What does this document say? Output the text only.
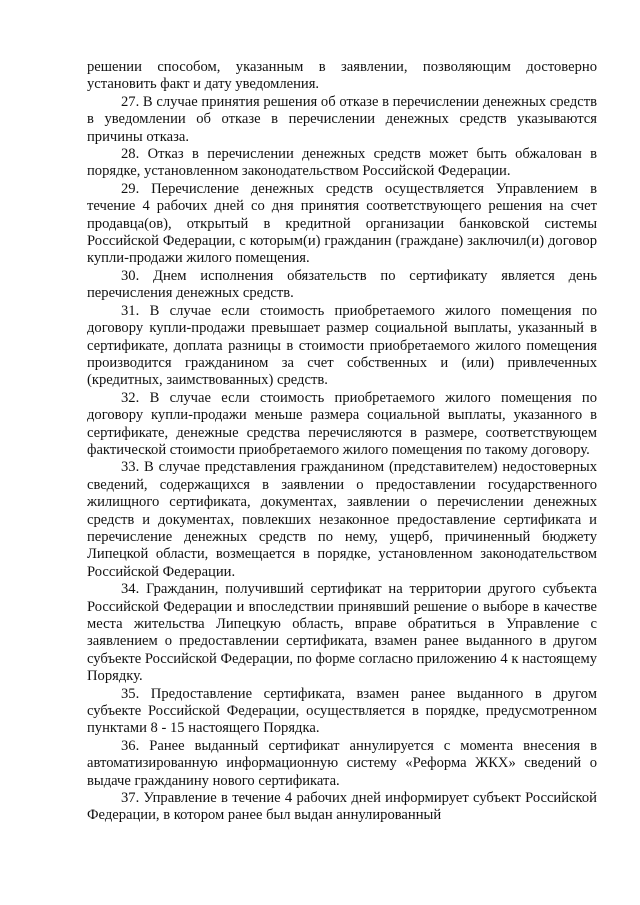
решении способом, указанным в заявлении, позволяющим достоверно установить факт и дату уведомления.

27. В случае принятия решения об отказе в перечислении денежных средств в уведомлении об отказе в перечислении денежных средств указываются причины отказа.

28. Отказ в перечислении денежных средств может быть обжалован в порядке, установленном законодательством Российской Федерации.

29. Перечисление денежных средств осуществляется Управлением в течение 4 рабочих дней со дня принятия соответствующего решения на счет продавца(ов), открытый в кредитной организации банковской системы Российской Федерации, с которым(и) гражданин (граждане) заключил(и) договор купли-продажи жилого помещения.

30. Днем исполнения обязательств по сертификату является день перечисления денежных средств.

31. В случае если стоимость приобретаемого жилого помещения по договору купли-продажи превышает размер социальной выплаты, указанный в сертификате, доплата разницы в стоимости приобретаемого жилого помещения производится гражданином за счет собственных и (или) привлеченных (кредитных, заимствованных) средств.

32. В случае если стоимость приобретаемого жилого помещения по договору купли-продажи меньше размера социальной выплаты, указанного в сертификате, денежные средства перечисляются в размере, соответствующем фактической стоимости приобретаемого жилого помещения по такому договору.

33. В случае представления гражданином (представителем) недостоверных сведений, содержащихся в заявлении о предоставлении государственного жилищного сертификата, документах, заявлении о перечислении денежных средств и документах, повлекших незаконное предоставление сертификата и перечисление денежных средств по нему, ущерб, причиненный бюджету Липецкой области, возмещается в порядке, установленном законодательством Российской Федерации.

34. Гражданин, получивший сертификат на территории другого субъекта Российской Федерации и впоследствии принявший решение о выборе в качестве места жительства Липецкую область, вправе обратиться в Управление с заявлением о предоставлении сертификата, взамен ранее выданного в другом субъекте Российской Федерации, по форме согласно приложению 4 к настоящему Порядку.

35. Предоставление сертификата, взамен ранее выданного в другом субъекте Российской Федерации, осуществляется в порядке, предусмотренном пунктами 8 - 15 настоящего Порядка.

36. Ранее выданный сертификат аннулируется с момента внесения в автоматизированную информационную систему «Реформа ЖКХ» сведений о выдаче гражданину нового сертификата.

37. Управление в течение 4 рабочих дней информирует субъект Российской Федерации, в котором ранее был выдан аннулированный
